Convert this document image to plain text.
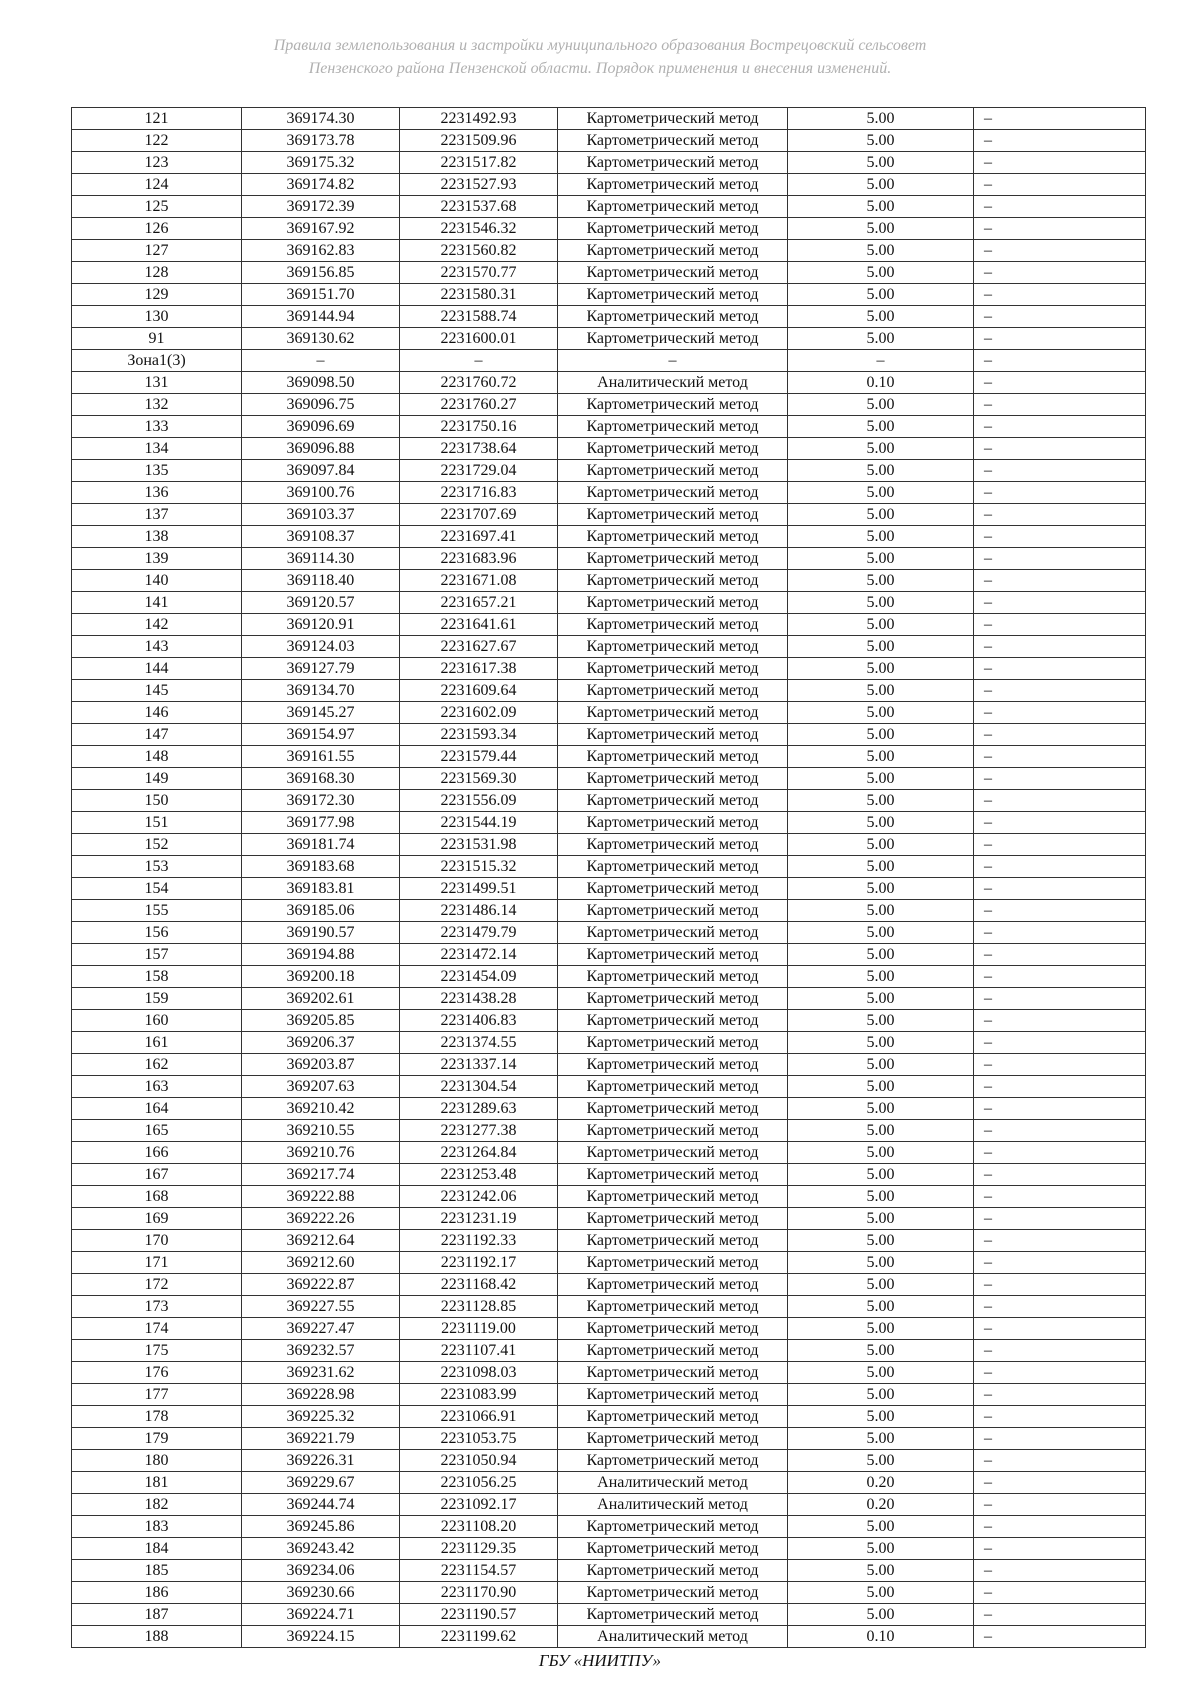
Правила землепользования и застройки муниципального образования Вострецовский сельсовет
Пензенского района Пензенской области. Порядок применения и внесения изменений.
121	369174.30	2231492.93	Картометрический метод	5.00	–
122	369173.78	2231509.96	Картометрический метод	5.00	–
123	369175.32	2231517.82	Картометрический метод	5.00	–
124	369174.82	2231527.93	Картометрический метод	5.00	–
125	369172.39	2231537.68	Картометрический метод	5.00	–
126	369167.92	2231546.32	Картометрический метод	5.00	–
127	369162.83	2231560.82	Картометрический метод	5.00	–
128	369156.85	2231570.77	Картометрический метод	5.00	–
129	369151.70	2231580.31	Картометрический метод	5.00	–
130	369144.94	2231588.74	Картометрический метод	5.00	–
91	369130.62	2231600.01	Картометрический метод	5.00	–
Зона1(3)	–	–	–	–	–
131	369098.50	2231760.72	Аналитический метод	0.10	–
132	369096.75	2231760.27	Картометрический метод	5.00	–
133	369096.69	2231750.16	Картометрический метод	5.00	–
134	369096.88	2231738.64	Картометрический метод	5.00	–
135	369097.84	2231729.04	Картометрический метод	5.00	–
136	369100.76	2231716.83	Картометрический метод	5.00	–
137	369103.37	2231707.69	Картометрический метод	5.00	–
138	369108.37	2231697.41	Картометрический метод	5.00	–
139	369114.30	2231683.96	Картометрический метод	5.00	–
140	369118.40	2231671.08	Картометрический метод	5.00	–
141	369120.57	2231657.21	Картометрический метод	5.00	–
142	369120.91	2231641.61	Картометрический метод	5.00	–
143	369124.03	2231627.67	Картометрический метод	5.00	–
144	369127.79	2231617.38	Картометрический метод	5.00	–
145	369134.70	2231609.64	Картометрический метод	5.00	–
146	369145.27	2231602.09	Картометрический метод	5.00	–
147	369154.97	2231593.34	Картометрический метод	5.00	–
148	369161.55	2231579.44	Картометрический метод	5.00	–
149	369168.30	2231569.30	Картометрический метод	5.00	–
150	369172.30	2231556.09	Картометрический метод	5.00	–
151	369177.98	2231544.19	Картометрический метод	5.00	–
152	369181.74	2231531.98	Картометрический метод	5.00	–
153	369183.68	2231515.32	Картометрический метод	5.00	–
154	369183.81	2231499.51	Картометрический метод	5.00	–
155	369185.06	2231486.14	Картометрический метод	5.00	–
156	369190.57	2231479.79	Картометрический метод	5.00	–
157	369194.88	2231472.14	Картометрический метод	5.00	–
158	369200.18	2231454.09	Картометрический метод	5.00	–
159	369202.61	2231438.28	Картометрический метод	5.00	–
160	369205.85	2231406.83	Картометрический метод	5.00	–
161	369206.37	2231374.55	Картометрический метод	5.00	–
162	369203.87	2231337.14	Картометрический метод	5.00	–
163	369207.63	2231304.54	Картометрический метод	5.00	–
164	369210.42	2231289.63	Картометрический метод	5.00	–
165	369210.55	2231277.38	Картометрический метод	5.00	–
166	369210.76	2231264.84	Картометрический метод	5.00	–
167	369217.74	2231253.48	Картометрический метод	5.00	–
168	369222.88	2231242.06	Картометрический метод	5.00	–
169	369222.26	2231231.19	Картометрический метод	5.00	–
170	369212.64	2231192.33	Картометрический метод	5.00	–
171	369212.60	2231192.17	Картометрический метод	5.00	–
172	369222.87	2231168.42	Картометрический метод	5.00	–
173	369227.55	2231128.85	Картометрический метод	5.00	–
174	369227.47	2231119.00	Картометрический метод	5.00	–
175	369232.57	2231107.41	Картометрический метод	5.00	–
176	369231.62	2231098.03	Картометрический метод	5.00	–
177	369228.98	2231083.99	Картометрический метод	5.00	–
178	369225.32	2231066.91	Картометрический метод	5.00	–
179	369221.79	2231053.75	Картометрический метод	5.00	–
180	369226.31	2231050.94	Картометрический метод	5.00	–
181	369229.67	2231056.25	Аналитический метод	0.20	–
182	369244.74	2231092.17	Аналитический метод	0.20	–
183	369245.86	2231108.20	Картометрический метод	5.00	–
184	369243.42	2231129.35	Картометрический метод	5.00	–
185	369234.06	2231154.57	Картометрический метод	5.00	–
186	369230.66	2231170.90	Картометрический метод	5.00	–
187	369224.71	2231190.57	Картометрический метод	5.00	–
188	369224.15	2231199.62	Аналитический метод	0.10	–
ГБУ «НИИТПУ»
